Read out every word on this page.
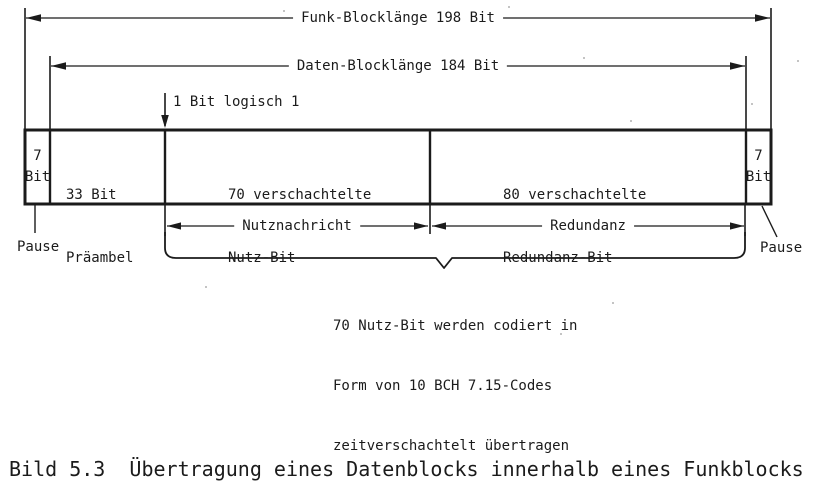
Funk-Blocklänge 198 Bit
Daten-Blocklänge 184 Bit
1 Bit logisch 1
7
Bit

33 Bit

Präambel

70 verschachtelte

Nutz-Bit

80 verschachtelte

Redundanz-Bit

7
Bit
Nutznachricht	Redundanz
Pause	Pause

70 Nutz-Bit werden codiert in

Form von 10 BCH 7.15-Codes

zeitverschachtelt übertragen

Bild 5.3  Übertragung eines Datenblocks innerhalb eines Funkblocks
